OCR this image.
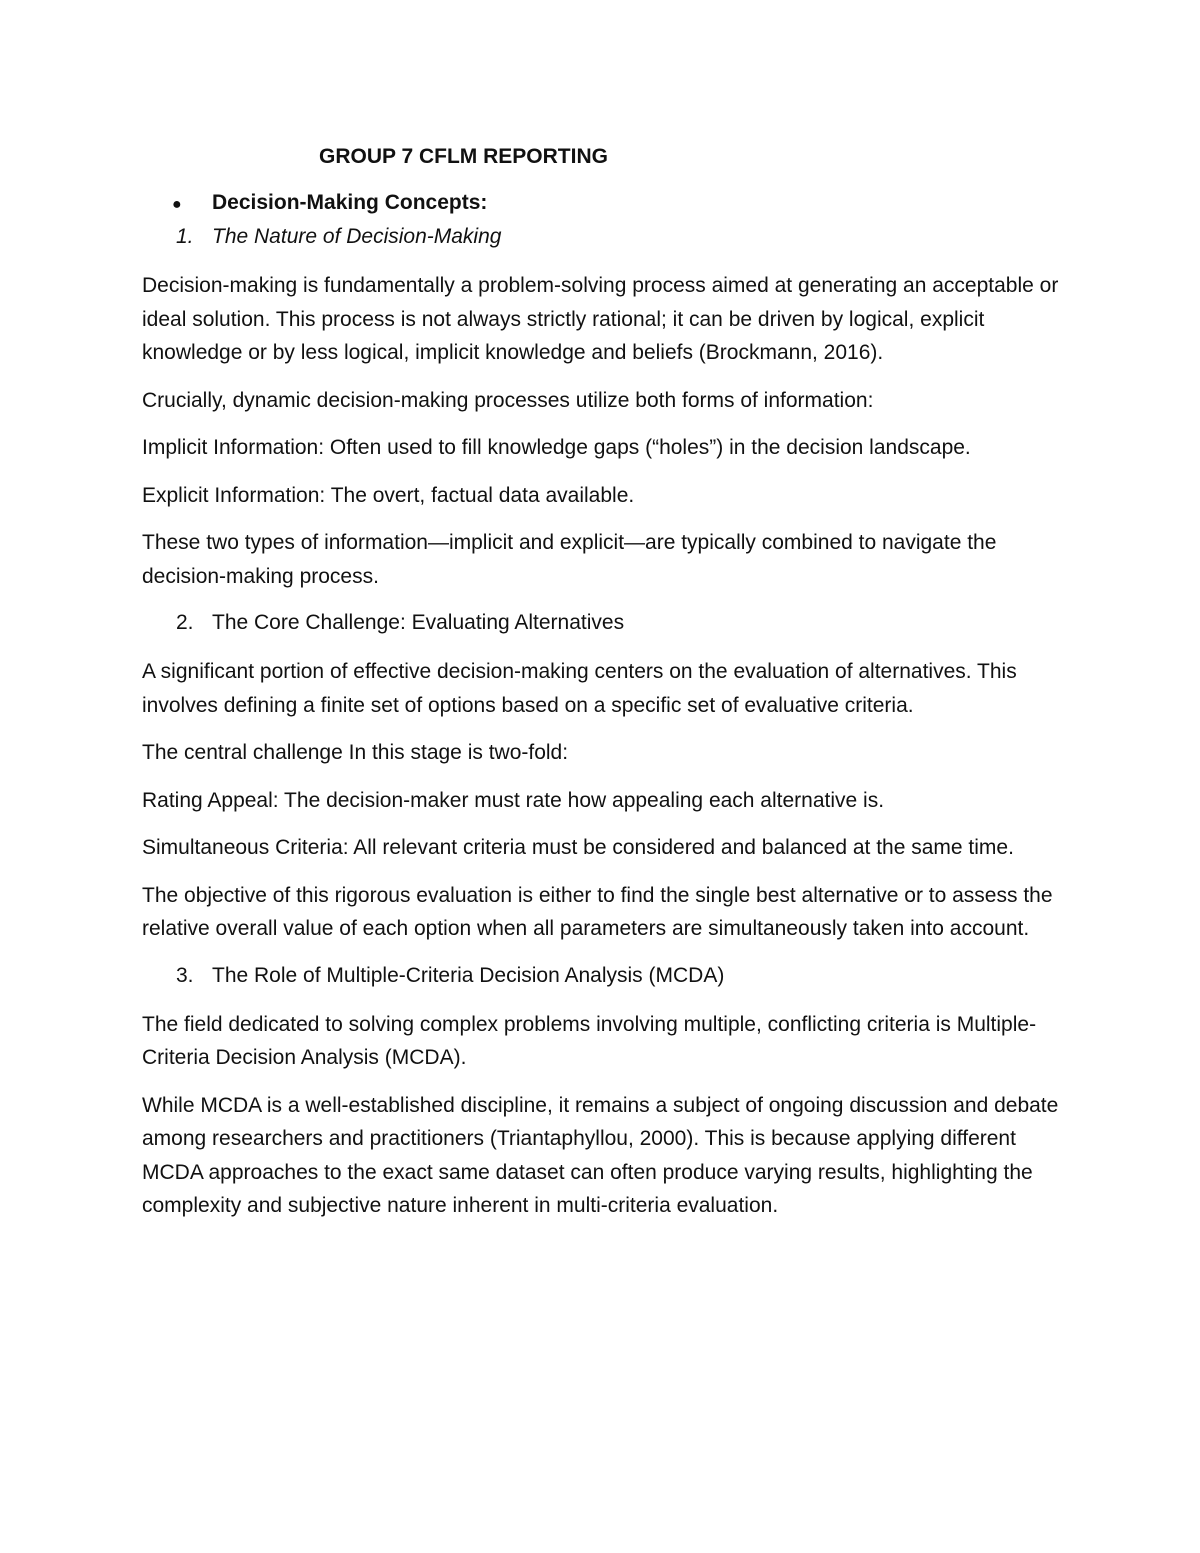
GROUP 7 CFLM REPORTING
●	Decision-Making Concepts:
1. The Nature of Decision-Making

Decision-making is fundamentally a problem-solving process aimed at generating an acceptable or ideal solution. This process is not always strictly rational; it can be driven by logical, explicit knowledge or by less logical, implicit knowledge and beliefs (Brockmann, 2016).

Crucially, dynamic decision-making processes utilize both forms of information:

Implicit Information: Often used to fill knowledge gaps (“holes”) in the decision landscape.

Explicit Information: The overt, factual data available.

These two types of information—implicit and explicit—are typically combined to navigate the decision-making process.

2. The Core Challenge: Evaluating Alternatives

A significant portion of effective decision-making centers on the evaluation of alternatives. This involves defining a finite set of options based on a specific set of evaluative criteria.

The central challenge In this stage is two-fold:

Rating Appeal: The decision-maker must rate how appealing each alternative is.

Simultaneous Criteria: All relevant criteria must be considered and balanced at the same time.

The objective of this rigorous evaluation is either to find the single best alternative or to assess the relative overall value of each option when all parameters are simultaneously taken into account.

3. The Role of Multiple-Criteria Decision Analysis (MCDA)

The field dedicated to solving complex problems involving multiple, conflicting criteria is Multiple-Criteria Decision Analysis (MCDA).

While MCDA is a well-established discipline, it remains a subject of ongoing discussion and debate among researchers and practitioners (Triantaphyllou, 2000). This is because applying different MCDA approaches to the exact same dataset can often produce varying results, highlighting the complexity and subjective nature inherent in multi-criteria evaluation.
